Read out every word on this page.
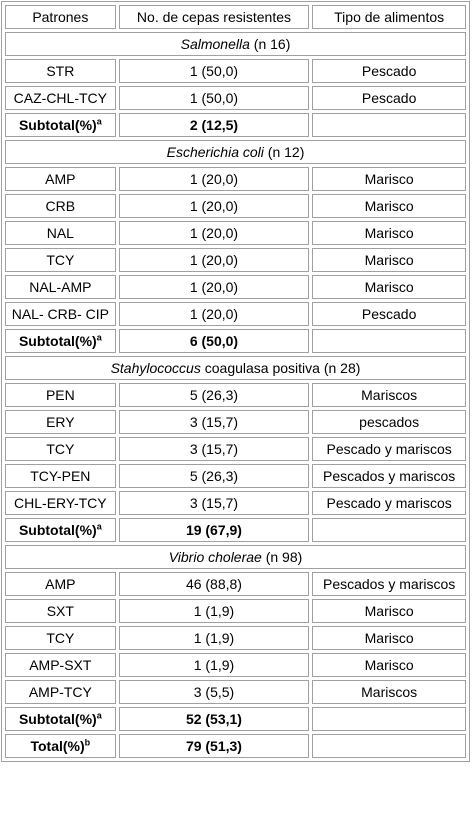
Patrones	No. de cepas resistentes	Tipo de alimentos
Salmonella (n 16)		
STR	1 (50,0)	Pescado
CAZ-CHL-TCY	1 (50,0)	Pescado
Subtotal(%)$^a$	2 (12,5)	
Escherichia coli (n 12)		
AMP	1 (20,0)	Marisco
CRB	1 (20,0)	Marisco
NAL	1 (20,0)	Marisco
TCY	1 (20,0)	Marisco
NAL-AMP	1 (20,0)	Marisco
NAL- CRB- CIP	1 (20,0)	Pescado
Subtotal(%)$^a$	6 (50,0)	
Stahylococcus coagulasa positiva (n 28)		
PEN	5 (26,3)	Mariscos
ERY	3 (15,7)	pescados
TCY	3 (15,7)	Pescado y mariscos
TCY-PEN	5 (26,3)	Pescados y mariscos
CHL-ERY-TCY	3 (15,7)	Pescado y mariscos
Subtotal(%)$^a$	19 (67,9)	
Vibrio cholerae (n 98)		
AMP	46 (88,8)	Pescados y mariscos
SXT	1 (1,9)	Marisco
TCY	1 (1,9)	Marisco
AMP-SXT	1 (1,9)	Marisco
AMP-TCY	3 (5,5)	Mariscos
Subtotal(%)$^a$	52 (53,1)	
Total(%)$^b$	79 (51,3)	
